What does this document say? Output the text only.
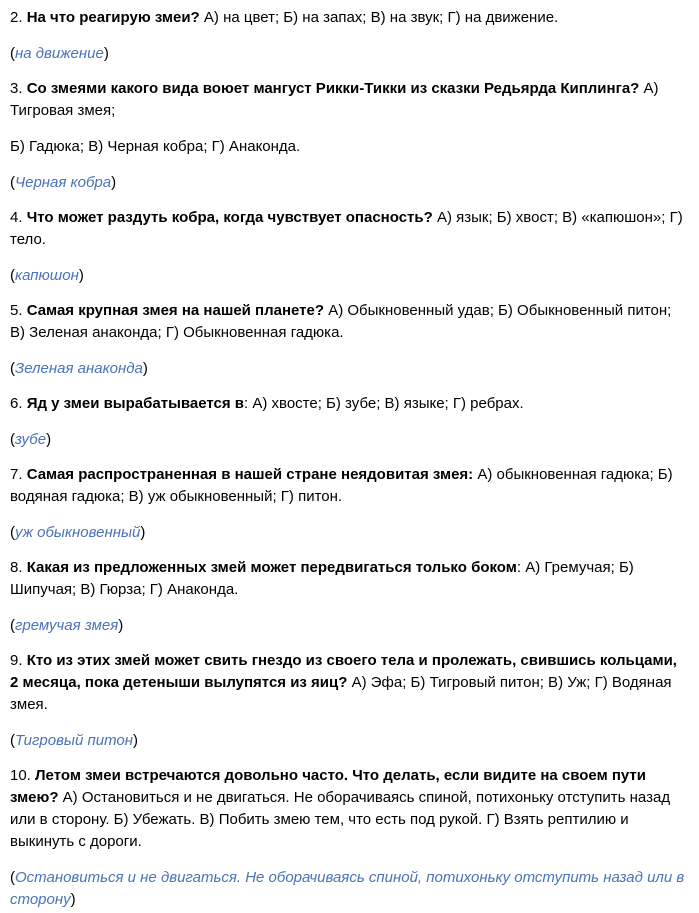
2. На что реагирую змеи? А) на цвет; Б) на запах; В) на звук; Г) на движение.

(на движение)

3. Со змеями какого вида воюет мангуст Рикки-Тикки из сказки Редьярда Киплинга? А) Тигровая змея;

Б) Гадюка; В) Черная кобра; Г) Анаконда.

(Черная кобра)

4. Что может раздуть кобра, когда чувствует опасность? А) язык; Б) хвост; В) «капюшон»; Г) тело.

(капюшон)

5. Самая крупная змея на нашей планете? А) Обыкновенный удав; Б) Обыкновенный питон; В) Зеленая анаконда; Г) Обыкновенная гадюка.

(Зеленая анаконда)

6. Яд у змеи вырабатывается в: А) хвосте; Б) зубе; В) языке; Г) ребрах.

(зубе)

7. Самая распространенная в нашей стране неядовитая змея: А) обыкновенная гадюка; Б) водяная гадюка; В) уж обыкновенный; Г) питон.

(уж обыкновенный)

8. Какая из предложенных змей может передвигаться только боком: А) Гремучая; Б) Шипучая; В) Гюрза; Г) Анаконда.

(гремучая змея)

9. Кто из этих змей может свить гнездо из своего тела и пролежать, свившись кольцами, 2 месяца, пока детеныши вылупятся из яиц? А) Эфа; Б) Тигровый питон; В) Уж; Г) Водяная змея.

(Тигровый питон)

10. Летом змеи встречаются довольно часто. Что делать, если видите на своем пути змею? А) Остановиться и не двигаться. Не оборачиваясь спиной, потихоньку отступить назад или в сторону. Б) Убежать. В) Побить змею тем, что есть под рукой. Г) Взять рептилию и выкинуть с дороги.

(Остановиться и не двигаться. Не оборачиваясь спиной, потихоньку отступить назад или в сторону)
